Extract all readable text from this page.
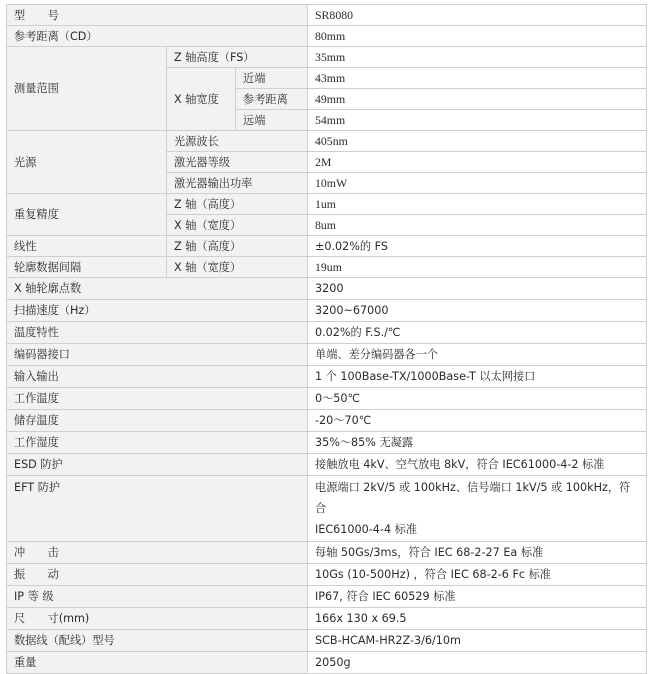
型　　号			SR8080
参考距离（CD）			80mm
测量范围	Z 轴高度（FS）		35mm
	X 轴宽度	近端	43mm
		参考距离	49mm
		远端	54mm
光源	光源波长		405nm
	激光器等级		2M
	激光器输出功率		10mW
重复精度	Z 轴（高度）		1um
	X 轴（宽度）		8um
线性	Z 轴（高度）		±0.02%的 FS
轮廓数据间隔	X 轴（宽度）		19um
X 轴轮廓点数			3200
扫描速度（Hz）			3200~67000
温度特性			0.02%的 F.S./℃
编码器接口			单端、差分编码器各一个
输入输出			1 个 100Base-TX/1000Base-T 以太网接口
工作温度			0～50℃
储存温度			-20～70℃
工作湿度			35%～85% 无凝露
ESD 防护			接触放电 4kV、空气放电 8kV，符合 IEC61000-4-2 标准
EFT 防护			电源端口 2kV/5 或 100kHz、信号端口 1kV/5 或 100kHz，符合
IEC61000-4-4 标准

冲　　击			每轴 50Gs/3ms，符合 IEC 68-2-27 Ea 标准
振　　动			10Gs (10-500Hz) ，符合 IEC 68-2-6 Fc 标准
IP 等 级			IP67, 符合 IEC 60529 标准
尺　　寸(mm)			166x 130 x 69.5
数据线（配线）型号			SCB-HCAM-HR2Z-3/6/10m
重量			2050g
